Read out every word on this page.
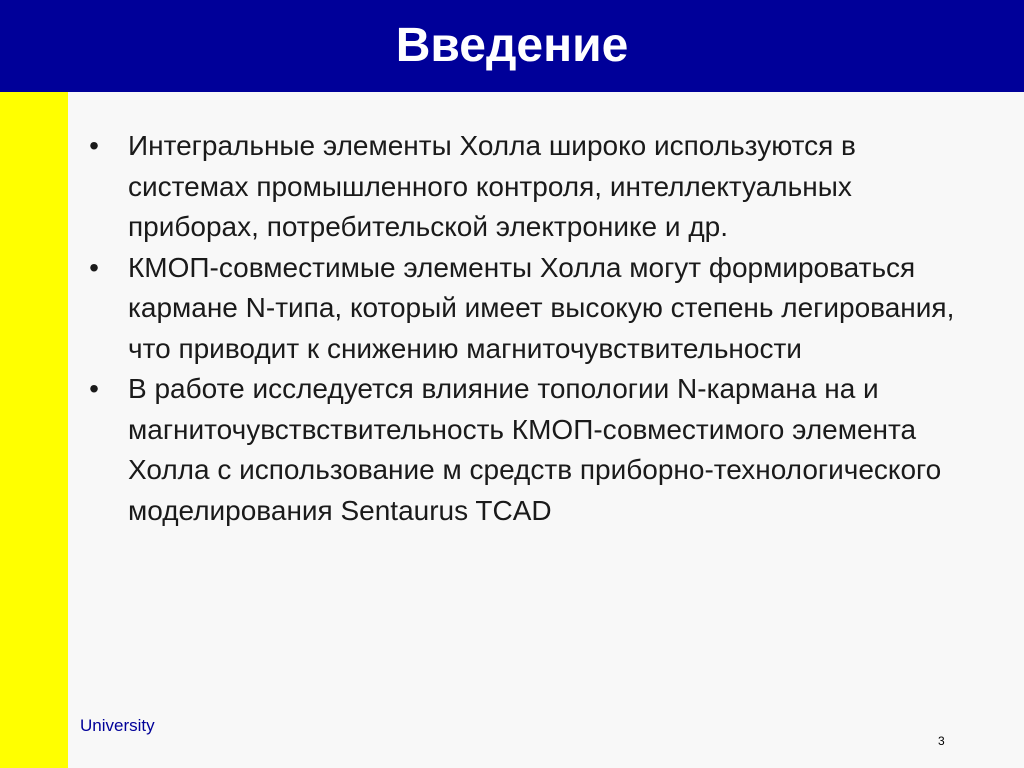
Введение
• Интегральные элементы Холла широко используются в системах промышленного контроля, интеллектуальных приборах, потребительской электронике и др.
• КМОП-совместимые элементы Холла могут формироваться кармане N-типа, который имеет высокую степень легирования, что приводит к снижению магниточувствительности
• В работе исследуется влияние топологии N-кармана на и магниточувствствительность КМОП-совместимого элемента Холла с использование м средств приборно-технологического моделирования Sentaurus TCAD
University
3
